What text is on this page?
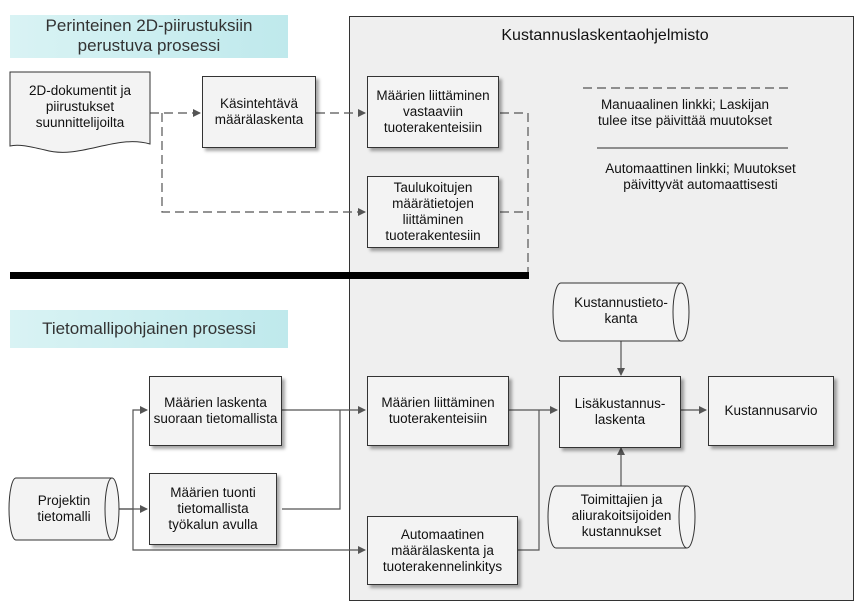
Kustannuslaskentaohjelmisto
Perinteinen 2D-piirustuksiin perustuva prosessi
Tietomallipohjainen prosessi
Manuaalinen linkki; Laskijan tulee itse päivittää muutokset
Automaattinen linkki; Muutokset päivittyvät automaattisesti
2D-dokumentit ja piirustukset suunnittelijoilta
Projektin tietomalli
Kustannustieto-kanta
Toimittajien ja aliurakoitsijoiden kustannukset
Käsintehtävä määrälaskenta
Määrien liittäminen vastaaviin tuoterakenteisiin
Taulukoitujen määrätietojen liittäminen tuoterakentesiin
Määrien laskenta suoraan tietomallista
Määrien tuonti tietomallista työkalun avulla
Määrien liittäminen tuoterakenteisiin
Automaatinen määrälaskenta ja tuoterakennelinkitys
Lisäkustannus-laskenta
Kustannusarvio
